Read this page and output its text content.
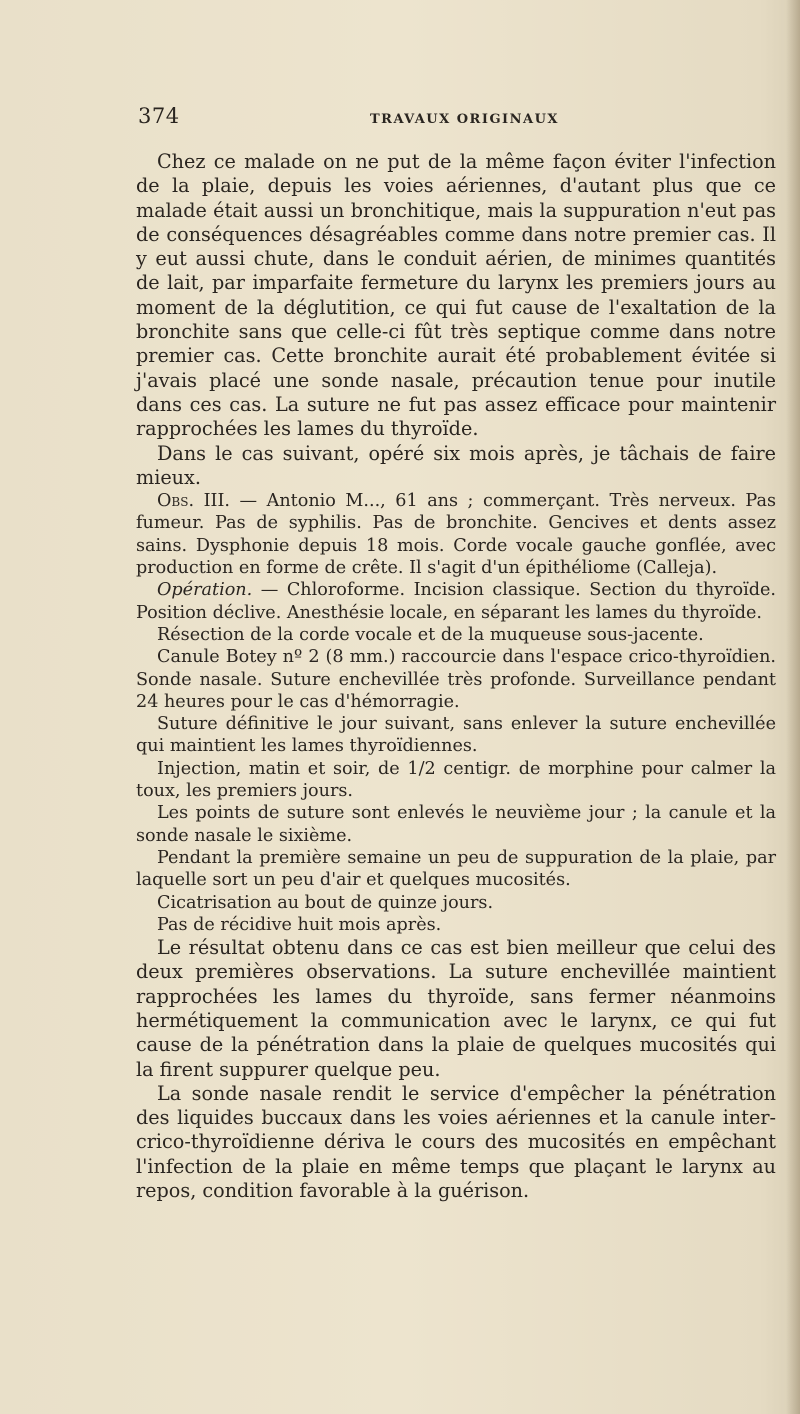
374	TRAVAUX ORIGINAUX

Chez ce malade on ne put de la même façon éviter l'infection de la plaie, depuis les voies aériennes, d'autant plus que ce malade était aussi un bronchitique, mais la suppuration n'eut pas de conséquences désagréables comme dans notre premier cas. Il y eut aussi chute, dans le conduit aérien, de minimes quantités de lait, par imparfaite fermeture du larynx les premiers jours au moment de la déglutition, ce qui fut cause de l'exaltation de la bronchite sans que celle-ci fût très septique comme dans notre premier cas. Cette bronchite aurait été probablement évitée si j'avais placé une sonde nasale, précaution tenue pour inutile dans ces cas. La suture ne fut pas assez efficace pour maintenir rapprochées les lames du thyroïde.

Dans le cas suivant, opéré six mois après, je tâchais de faire mieux.

Obs. III. — Antonio M..., 61 ans ; commerçant. Très nerveux. Pas fumeur. Pas de syphilis. Pas de bronchite. Gencives et dents assez sains. Dysphonie depuis 18 mois. Corde vocale gauche gonflée, avec production en forme de crête. Il s'agit d'un épithéliome (Calleja).

Opération. — Chloroforme. Incision classique. Section du thyroïde. Position déclive. Anesthésie locale, en séparant les lames du thyroïde.

Résection de la corde vocale et de la muqueuse sous-jacente.

Canule Botey nº 2 (8 mm.) raccourcie dans l'espace crico-thyroïdien. Sonde nasale. Suture enchevillée très profonde. Surveillance pendant 24 heures pour le cas d'hémorragie.

Suture définitive le jour suivant, sans enlever la suture enchevillée qui maintient les lames thyroïdiennes.

Injection, matin et soir, de 1/2 centigr. de morphine pour calmer la toux, les premiers jours.

Les points de suture sont enlevés le neuvième jour ; la canule et la sonde nasale le sixième.

Pendant la première semaine un peu de suppuration de la plaie, par laquelle sort un peu d'air et quelques mucosités.

Cicatrisation au bout de quinze jours.

Pas de récidive huit mois après.

Le résultat obtenu dans ce cas est bien meilleur que celui des deux premières observations. La suture enchevillée maintient rapprochées les lames du thyroïde, sans fermer néanmoins hermétiquement la communication avec le larynx, ce qui fut cause de la pénétration dans la plaie de quelques mucosités qui la firent suppurer quelque peu.

La sonde nasale rendit le service d'empêcher la pénétration des liquides buccaux dans les voies aériennes et la canule inter-crico-thyroïdienne dériva le cours des mucosités en empêchant l'infection de la plaie en même temps que plaçant le larynx au repos, condition favorable à la guérison.
